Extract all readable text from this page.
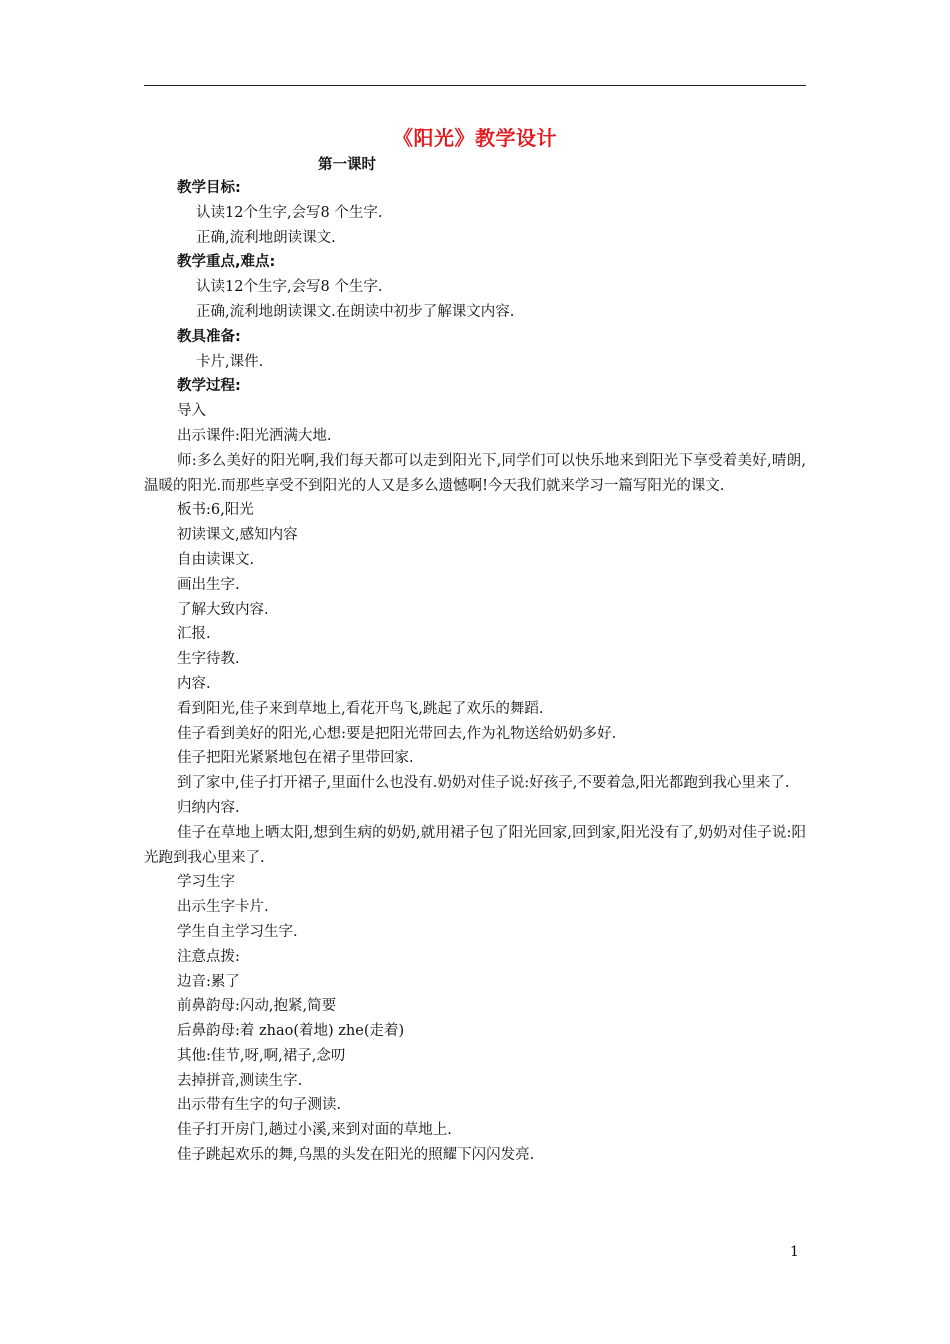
《阳光》教学设计
第一课时
教学目标:
认读12个生字,会写8 个生字.
正确,流利地朗读课文.
教学重点,难点:
认读12个生字,会写8 个生字.
正确,流利地朗读课文.在朗读中初步了解课文内容.
教具准备:
卡片,课件.
教学过程:
导入
出示课件:阳光洒满大地.
师:多么美好的阳光啊,我们每天都可以走到阳光下,同学们可以快乐地来到阳光下享受着美好,晴朗,温暖的阳光.而那些享受不到阳光的人又是多么遗憾啊!今天我们就来学习一篇写阳光的课文.
板书:6,阳光
初读课文,感知内容
自由读课文.
画出生字.
了解大致内容.
汇报.
生字待教.
内容.
看到阳光,佳子来到草地上,看花开鸟飞,跳起了欢乐的舞蹈.
佳子看到美好的阳光,心想:要是把阳光带回去,作为礼物送给奶奶多好.
佳子把阳光紧紧地包在裙子里带回家.
到了家中,佳子打开裙子,里面什么也没有.奶奶对佳子说:好孩子,不要着急,阳光都跑到我心里来了.
归纳内容.
佳子在草地上晒太阳,想到生病的奶奶,就用裙子包了阳光回家,回到家,阳光没有了,奶奶对佳子说:阳光跑到我心里来了.
学习生字
出示生字卡片.
学生自主学习生字.
注意点拨:
边音:累了
前鼻韵母:闪动,抱紧,简要
后鼻韵母:着 zhao(着地) zhe(走着)
其他:佳节,呀,啊,裙子,念叨
去掉拼音,测读生字.
出示带有生字的句子测读.
佳子打开房门,趟过小溪,来到对面的草地上.
佳子跳起欢乐的舞,乌黑的头发在阳光的照耀下闪闪发亮.
1
